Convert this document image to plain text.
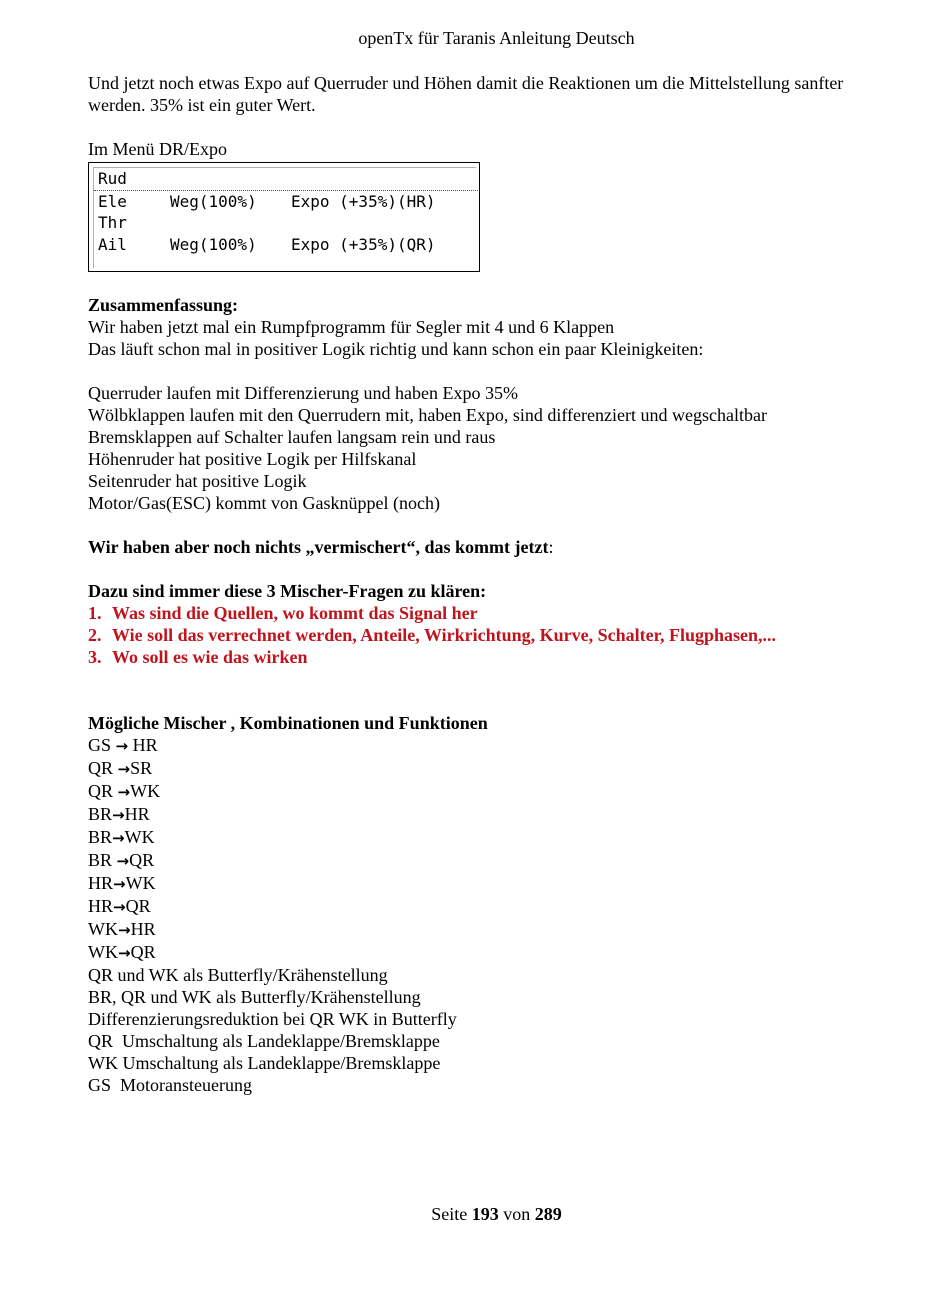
openTx für Taranis Anleitung Deutsch

Und jetzt noch etwas Expo auf Querruder und Höhen damit die Reaktionen um die Mittelstellung sanfter

werden. 35% ist ein guter Wert.

Im Menü DR/Expo

Rud
Ele	Weg(100%)	Expo (+35%)(HR)
Thr
Ail	Weg(100%)	Expo (+35%)(QR)

Zusammenfassung:

Wir haben jetzt mal ein Rumpfprogramm für Segler mit 4 und 6 Klappen

Das läuft schon mal in positiver Logik richtig und kann schon ein paar Kleinigkeiten:

Querruder laufen mit Differenzierung und haben Expo 35%

Wölbklappen laufen mit den Querrudern mit, haben Expo, sind differenziert und wegschaltbar

Bremsklappen auf Schalter laufen langsam rein und raus

Höhenruder hat positive Logik per Hilfskanal

Seitenruder hat positive Logik

Motor/Gas(ESC) kommt von Gasknüppel (noch)

Wir haben aber noch nichts „vermischert“, das kommt jetzt:

Dazu sind immer diese 3 Mischer-Fragen zu klären:

1. Was sind die Quellen, wo kommt das Signal her
2. Wie soll das verrechnet werden, Anteile, Wirkrichtung, Kurve, Schalter, Flugphasen,...
3. Wo soll es wie das wirken

Mögliche Mischer , Kombinationen und Funktionen

GS → HR
QR →SR
QR →WK
BR→HR
BR→WK
BR →QR
HR→WK
HR→QR
WK→HR
WK→QR

QR und WK als Butterfly/Krähenstellung

BR, QR und WK als Butterfly/Krähenstellung

Differenzierungsreduktion bei QR WK in Butterfly

QR  Umschaltung als Landeklappe/Bremsklappe

WK Umschaltung als Landeklappe/Bremsklappe

GS  Motoransteuerung

Seite 193 von 289
